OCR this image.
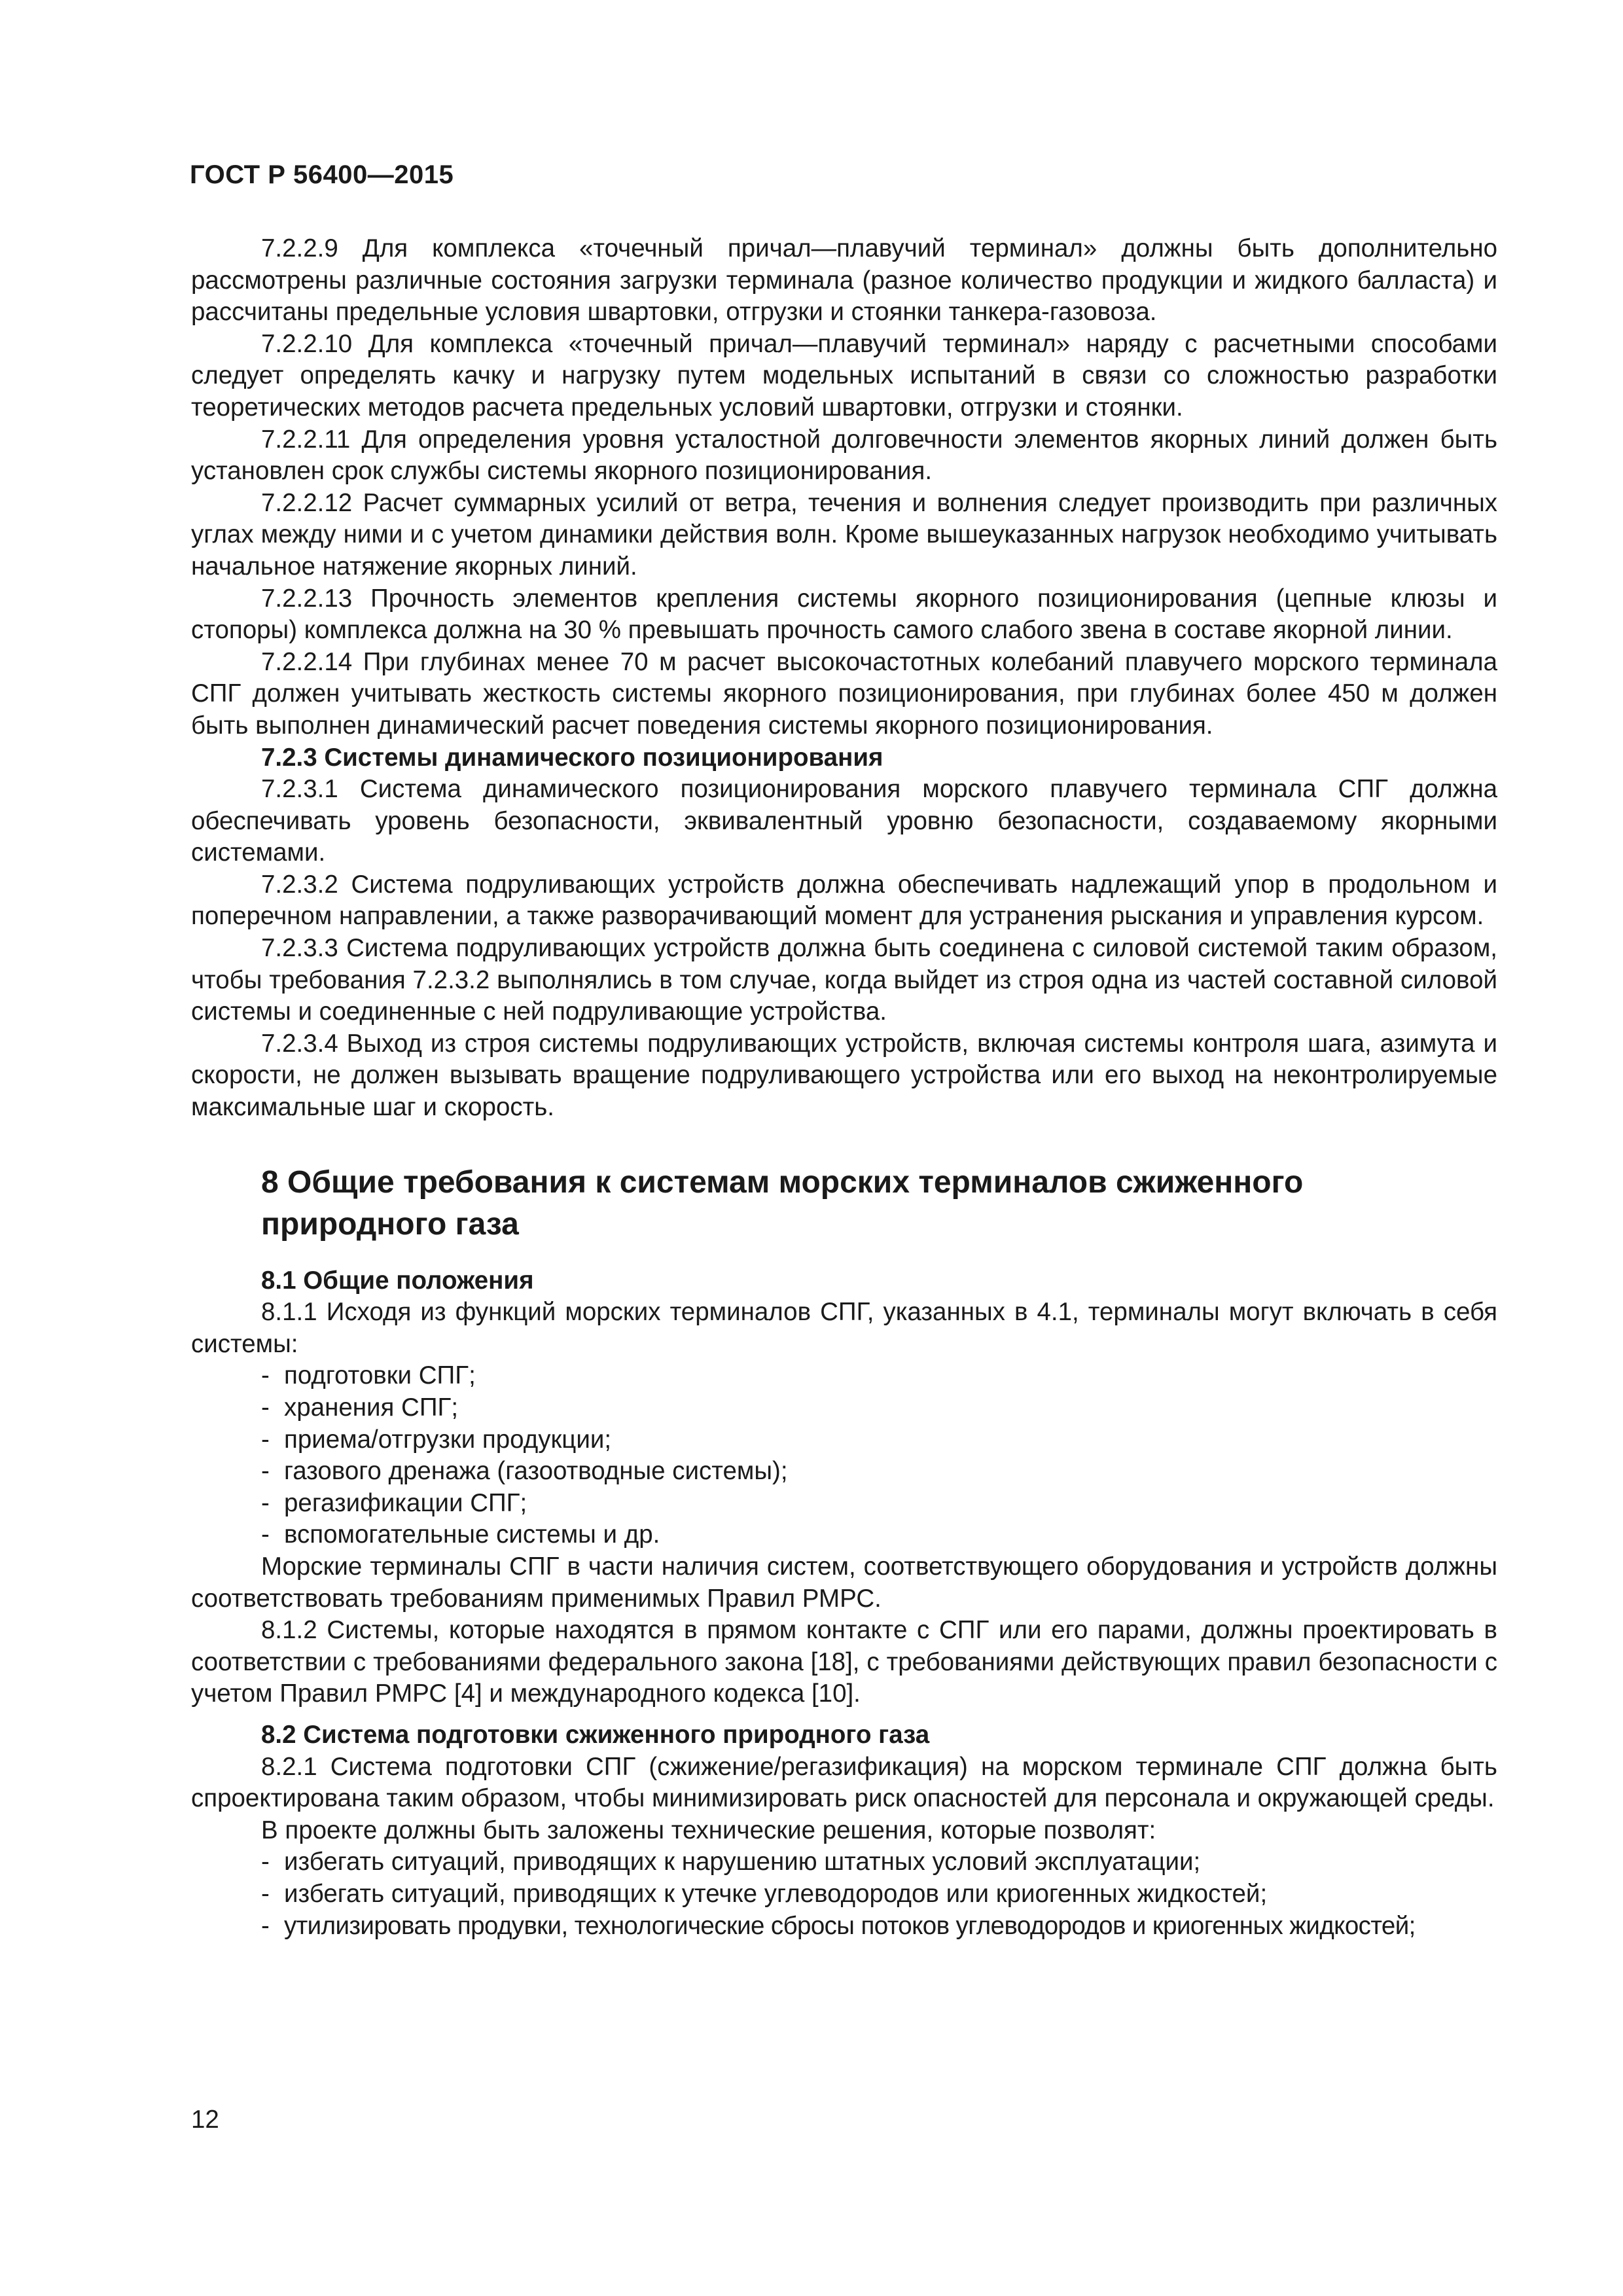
ГОСТ Р 56400—2015

7.2.2.9 Для комплекса «точечный причал—плавучий терминал» должны быть дополнительно рассмотрены различные состояния загрузки терминала (разное количество продукции и жидкого балласта) и рассчитаны предельные условия швартовки, отгрузки и стоянки танкера-газовоза.

7.2.2.10 Для комплекса «точечный причал—плавучий терминал» наряду с расчетными способами следует определять качку и нагрузку путем модельных испытаний в связи со сложностью разработки теоретических методов расчета предельных условий швартовки, отгрузки и стоянки.

7.2.2.11 Для определения уровня усталостной долговечности элементов якорных линий должен быть установлен срок службы системы якорного позиционирования.

7.2.2.12 Расчет суммарных усилий от ветра, течения и волнения следует производить при различных углах между ними и с учетом динамики действия волн. Кроме вышеуказанных нагрузок необходимо учитывать начальное натяжение якорных линий.

7.2.2.13 Прочность элементов крепления системы якорного позиционирования (цепные клюзы и стопоры) комплекса должна на 30 % превышать прочность самого слабого звена в составе якорной линии.

7.2.2.14 При глубинах менее 70 м расчет высокочастотных колебаний плавучего морского терминала СПГ должен учитывать жесткость системы якорного позиционирования, при глубинах более 450 м должен быть выполнен динамический расчет поведения системы якорного позиционирования.

7.2.3 Системы динамического позиционирования

7.2.3.1 Система динамического позиционирования морского плавучего терминала СПГ должна обеспечивать уровень безопасности, эквивалентный уровню безопасности, создаваемому якорными системами.

7.2.3.2 Система подруливающих устройств должна обеспечивать надлежащий упор в продольном и поперечном направлении, а также разворачивающий момент для устранения рыскания и управления курсом.

7.2.3.3 Система подруливающих устройств должна быть соединена с силовой системой таким образом, чтобы требования 7.2.3.2 выполнялись в том случае, когда выйдет из строя одна из частей составной силовой системы и соединенные с ней подруливающие устройства.

7.2.3.4 Выход из строя системы подруливающих устройств, включая системы контроля шага, азимута и скорости, не должен вызывать вращение подруливающего устройства или его выход на неконтролируемые максимальные шаг и скорость.

8 Общие требования к системам морских терминалов сжиженного
природного газа
8.1 Общие положения

8.1.1 Исходя из функций морских терминалов СПГ, указанных в 4.1, терминалы могут включать в себя системы:

- подготовки СПГ;
- хранения СПГ;
- приема/отгрузки продукции;
- газового дренажа (газоотводные системы);
- регазификации СПГ;
- вспомогательные системы и др.

Морские терминалы СПГ в части наличия систем, соответствующего оборудования и устройств должны соответствовать требованиям применимых Правил РМРС.

8.1.2 Системы, которые находятся в прямом контакте с СПГ или его парами, должны проектировать в соответствии с требованиями федерального закона [18], с требованиями действующих правил безопасности с учетом Правил РМРС [4] и международного кодекса [10].

8.2 Система подготовки сжиженного природного газа

8.2.1 Система подготовки СПГ (сжижение/регазификация) на морском терминале СПГ должна быть спроектирована таким образом, чтобы минимизировать риск опасностей для персонала и окружающей среды.

В проекте должны быть заложены технические решения, которые позволят:

- избегать ситуаций, приводящих к нарушению штатных условий эксплуатации;
- избегать ситуаций, приводящих к утечке углеводородов или криогенных жидкостей;
- утилизировать продувки, технологические сбросы потоков углеводородов и криогенных жидкостей;
12
